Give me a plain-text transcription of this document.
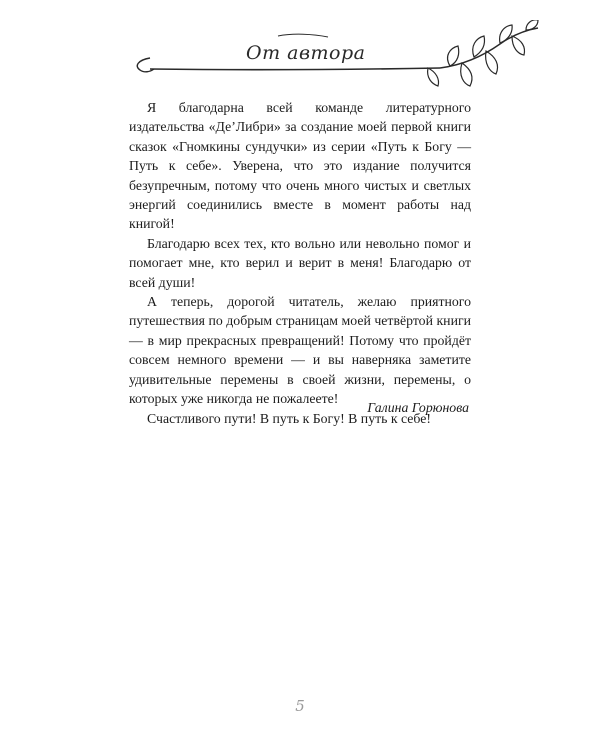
От автора

Я благодарна всей команде литературного издательства «Де’Либри» за создание моей первой книги сказок «Гномкины сундучки» из серии «Путь к Богу — Путь к себе». Уверена, что это издание получится безупречным, потому что очень много чистых и светлых энергий соединились вместе в момент работы над книгой!

Благодарю всех тех, кто вольно или невольно помог и помогает мне, кто верил и верит в меня! Благодарю от всей души!

А теперь, дорогой читатель, желаю приятного путешествия по добрым страницам моей четвёртой книги — в мир прекрасных превращений! Потому что пройдёт совсем немного времени — и вы наверняка заметите удивительные перемены в своей жизни, перемены, о которых уже никогда не пожалеете!

Счастливого пути! В путь к Богу! В путь к себе!

Галина Горюнова
5
